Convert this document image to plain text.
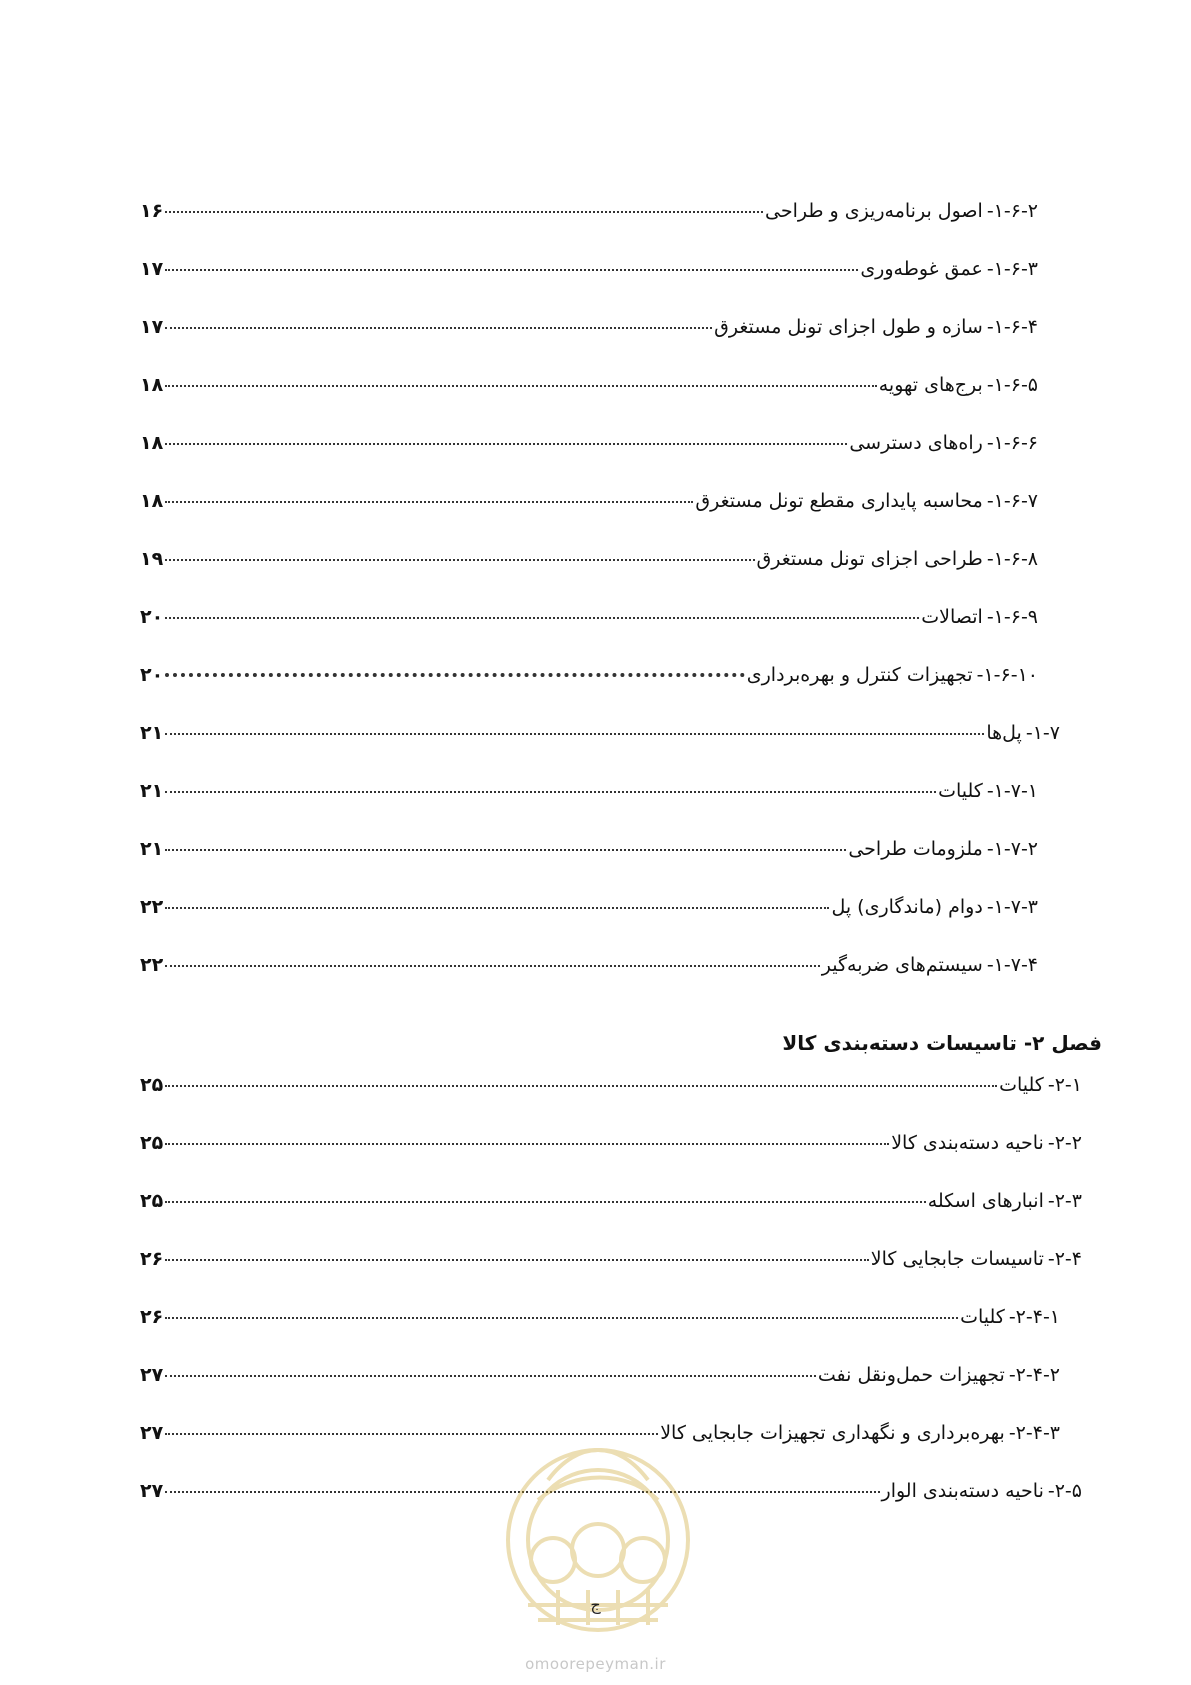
۱-۶-۲-
اصول برنامه‌ریزی و طراحی
۱۶
۱-۶-۳-
عمق غوطه‌وری
۱۷
۱-۶-۴-
سازه و طول اجزای تونل مستغرق
۱۷
۱-۶-۵-
برج‌های تهویه
۱۸
۱-۶-۶-
راه‌های دسترسی
۱۸
۱-۶-۷-
محاسبه پایداری مقطع تونل مستغرق
۱۸
۱-۶-۸-
طراحی اجزای تونل مستغرق
۱۹
۱-۶-۹-
اتصالات
۲۰
۱-۶-۱۰-
تجهیزات کنترل و بهره‌برداری
۲۰
۱-۷-
پل‌ها
۲۱
۱-۷-۱-
کلیات
۲۱
۱-۷-۲-
ملزومات طراحی
۲۱
۱-۷-۳-
دوام (ماندگاری) پل
۲۲
۱-۷-۴-
سیستم‌های ضربه‌گیر
۲۲
فصل ۲- تاسیسات دسته‌بندی کالا
۲-۱-
کلیات
۲۵
۲-۲-
ناحیه دسته‌بندی کالا
۲۵
۲-۳-
انبارهای اسکله
۲۵
۲-۴-
تاسیسات جابجایی کالا
۲۶
۲-۴-۱-
کلیات
۲۶
۲-۴-۲-
تجهیزات حمل‌ونقل نفت
۲۷
۲-۴-۳-
بهره‌برداری و نگهداری تجهیزات جابجایی کالا
۲۷
۲-۵-
ناحیه دسته‌بندی الوار
۲۷
ج
omoorepeyman.ir
